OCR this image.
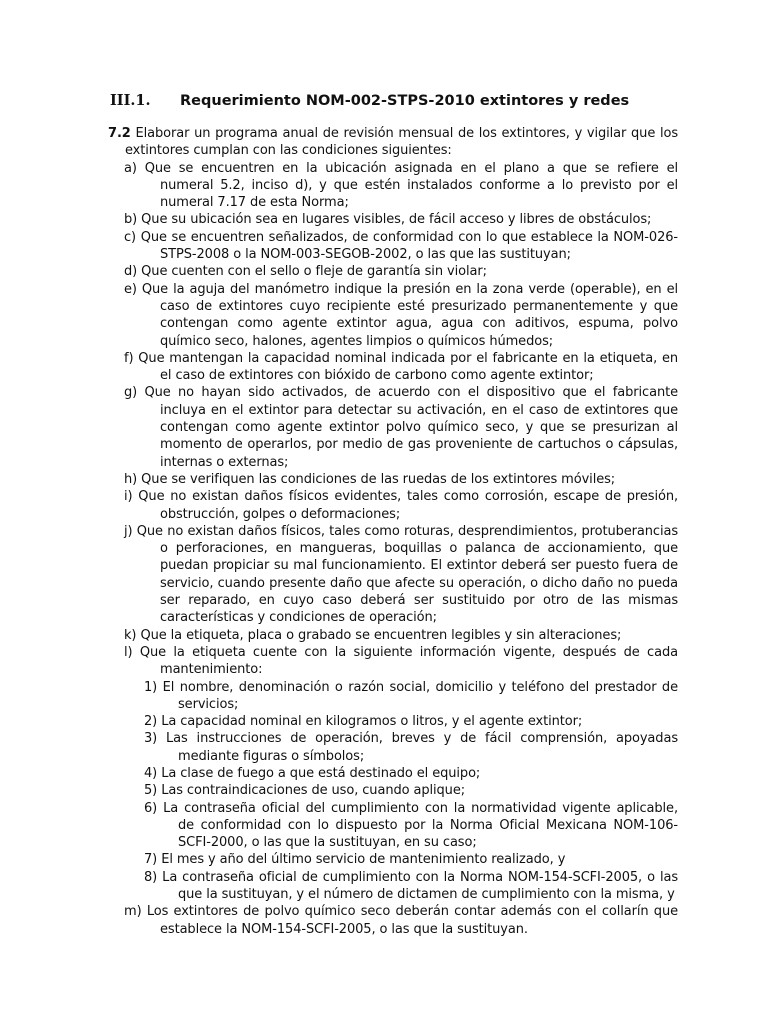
III.1. Requerimiento NOM-002-STPS-2010 extintores y redes
7.2 Elaborar un programa anual de revisión mensual de los extintores, y vigilar que los extintores cumplan con las condiciones siguientes:
a) Que se encuentren en la ubicación asignada en el plano a que se refiere el numeral 5.2, inciso d), y que estén instalados conforme a lo previsto por el numeral 7.17 de esta Norma;
b) Que su ubicación sea en lugares visibles, de fácil acceso y libres de obstáculos;
c) Que se encuentren señalizados, de conformidad con lo que establece la NOM-026-STPS-2008 o la NOM-003-SEGOB-2002, o las que las sustituyan;
d) Que cuenten con el sello o fleje de garantía sin violar;
e) Que la aguja del manómetro indique la presión en la zona verde (operable), en el caso de extintores cuyo recipiente esté presurizado permanentemente y que contengan como agente extintor agua, agua con aditivos, espuma, polvo químico seco, halones, agentes limpios o químicos húmedos;
f) Que mantengan la capacidad nominal indicada por el fabricante en la etiqueta, en el caso de extintores con bióxido de carbono como agente extintor;
g) Que no hayan sido activados, de acuerdo con el dispositivo que el fabricante incluya en el extintor para detectar su activación, en el caso de extintores que contengan como agente extintor polvo químico seco, y que se presurizan al momento de operarlos, por medio de gas proveniente de cartuchos o cápsulas, internas o externas;
h) Que se verifiquen las condiciones de las ruedas de los extintores móviles;
i) Que no existan daños físicos evidentes, tales como corrosión, escape de presión, obstrucción, golpes o deformaciones;
j) Que no existan daños físicos, tales como roturas, desprendimientos, protuberancias o perforaciones, en mangueras, boquillas o palanca de accionamiento, que puedan propiciar su mal funcionamiento. El extintor deberá ser puesto fuera de servicio, cuando presente daño que afecte su operación, o dicho daño no pueda ser reparado, en cuyo caso deberá ser sustituido por otro de las mismas características y condiciones de operación;
k) Que la etiqueta, placa o grabado se encuentren legibles y sin alteraciones;
l) Que la etiqueta cuente con la siguiente información vigente, después de cada mantenimiento:
1) El nombre, denominación o razón social, domicilio y teléfono del prestador de servicios;
2) La capacidad nominal en kilogramos o litros, y el agente extintor;
3) Las instrucciones de operación, breves y de fácil comprensión, apoyadas mediante figuras o símbolos;
4) La clase de fuego a que está destinado el equipo;
5) Las contraindicaciones de uso, cuando aplique;
6) La contraseña oficial del cumplimiento con la normatividad vigente aplicable, de conformidad con lo dispuesto por la Norma Oficial Mexicana NOM-106-SCFI-2000, o las que la sustituyan, en su caso;
7) El mes y año del último servicio de mantenimiento realizado, y
8) La contraseña oficial de cumplimiento con la Norma NOM-154-SCFI-2005, o las que la sustituyan, y el número de dictamen de cumplimiento con la misma, y
m) Los extintores de polvo químico seco deberán contar además con el collarín que establece la NOM-154-SCFI-2005, o las que la sustituyan.
